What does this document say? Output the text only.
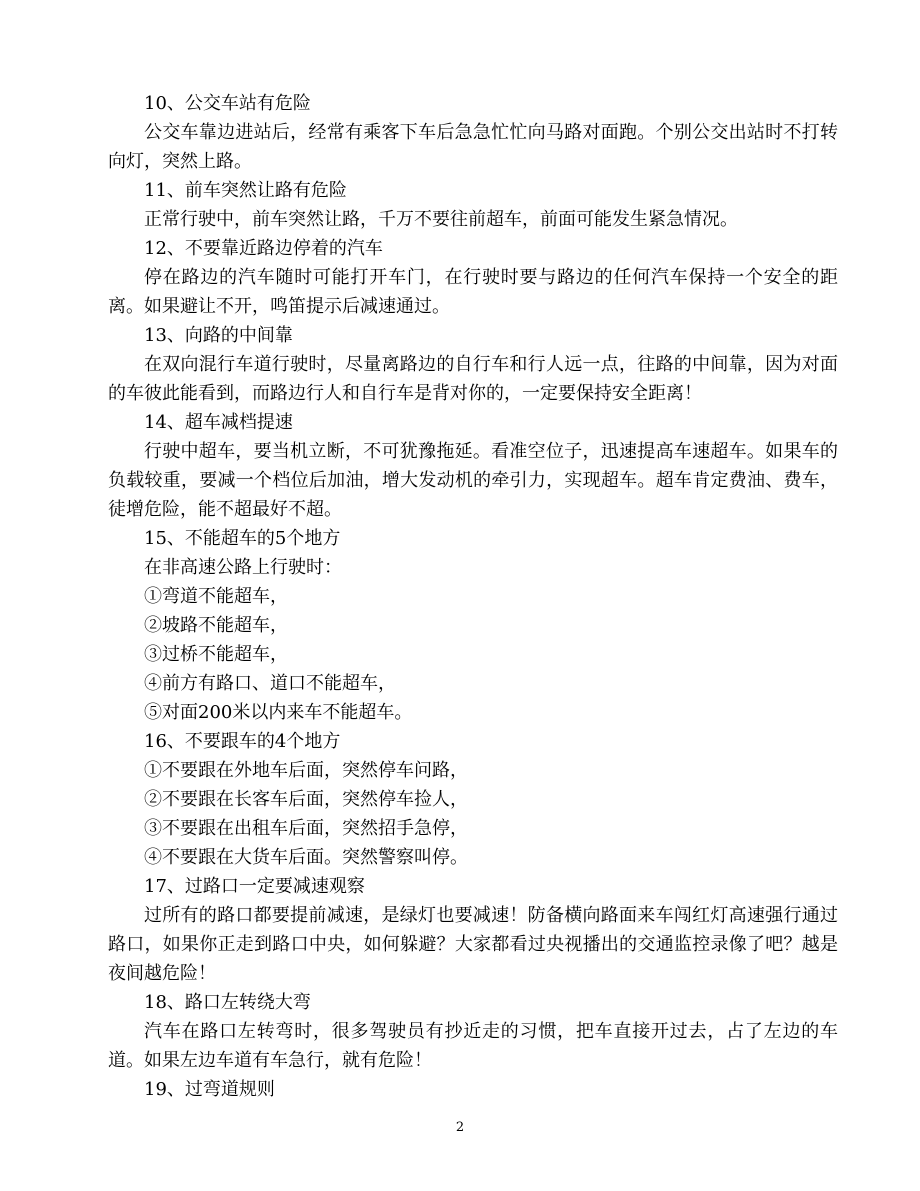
10、公交车站有危险

公交车靠边进站后，经常有乘客下车后急急忙忙向马路对面跑。个别公交出站时不打转向灯，突然上路。

11、前车突然让路有危险

正常行驶中，前车突然让路，千万不要往前超车，前面可能发生紧急情况。

12、不要靠近路边停着的汽车

停在路边的汽车随时可能打开车门，在行驶时要与路边的任何汽车保持一个安全的距离。如果避让不开，鸣笛提示后减速通过。

13、向路的中间靠

在双向混行车道行驶时，尽量离路边的自行车和行人远一点，往路的中间靠，因为对面的车彼此能看到，而路边行人和自行车是背对你的，一定要保持安全距离！

14、超车减档提速

行驶中超车，要当机立断，不可犹豫拖延。看准空位子，迅速提高车速超车。如果车的负载较重，要减一个档位后加油，增大发动机的牵引力，实现超车。超车肯定费油、费车，徒增危险，能不超最好不超。

15、不能超车的5个地方

在非高速公路上行驶时：

①弯道不能超车，

②坡路不能超车，

③过桥不能超车，

④前方有路口、道口不能超车，

⑤对面200米以内来车不能超车。

16、不要跟车的4个地方

①不要跟在外地车后面，突然停车问路，

②不要跟在长客车后面，突然停车捡人，

③不要跟在出租车后面，突然招手急停，

④不要跟在大货车后面。突然警察叫停。

17、过路口一定要减速观察

过所有的路口都要提前减速，是绿灯也要减速！防备横向路面来车闯红灯高速强行通过路口，如果你正走到路口中央，如何躲避？大家都看过央视播出的交通监控录像了吧？越是夜间越危险！

18、路口左转绕大弯

汽车在路口左转弯时，很多驾驶员有抄近走的习惯，把车直接开过去，占了左边的车道。如果左边车道有车急行，就有危险！

19、过弯道规则

2
